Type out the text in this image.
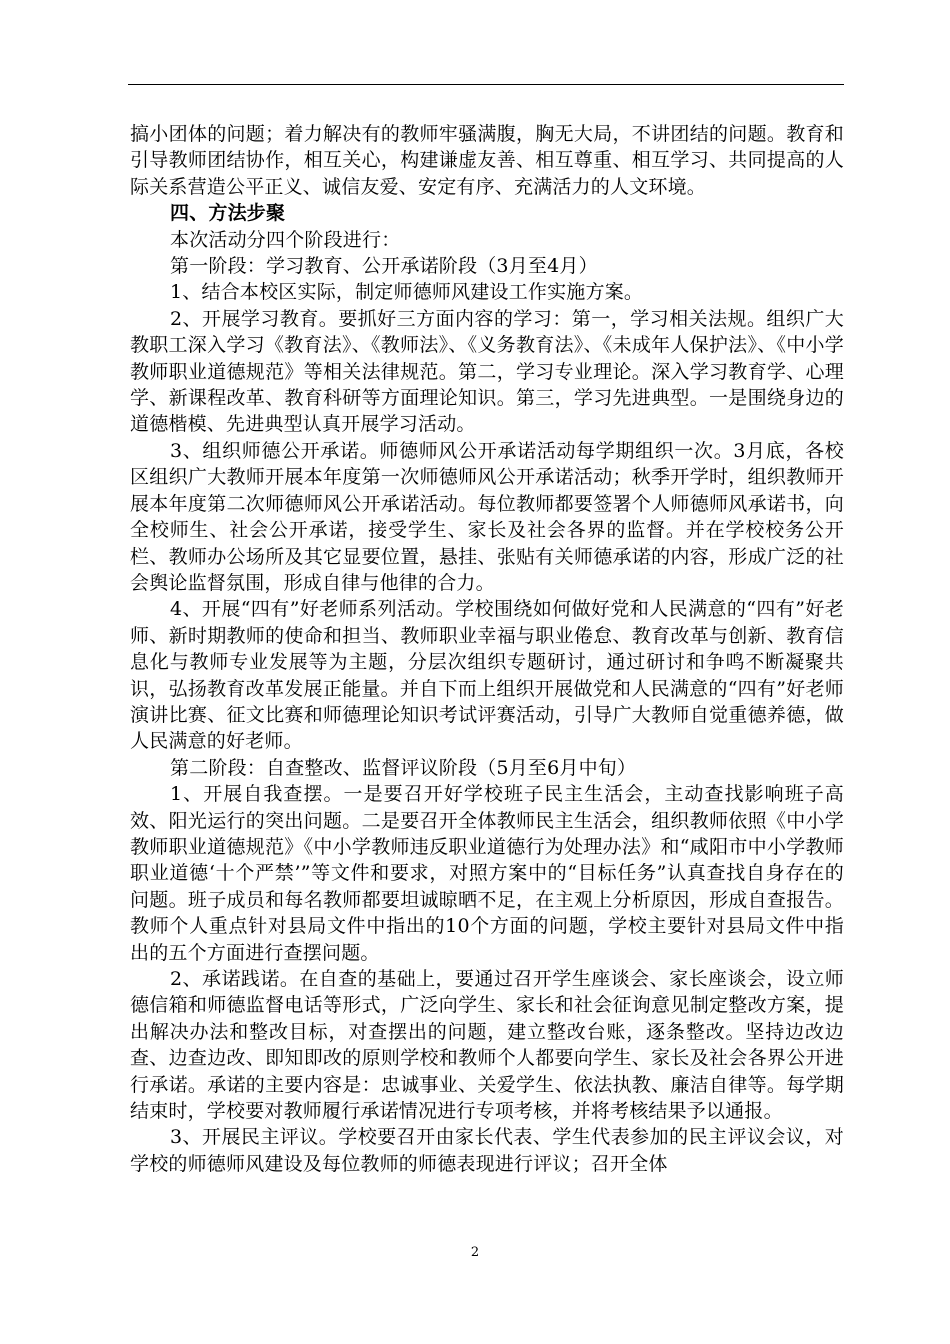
搞小团体的问题；着力解决有的教师牢骚满腹，胸无大局，不讲团结的问题。教育和引导教师团结协作，相互关心，构建谦虚友善、相互尊重、相互学习、共同提高的人际关系营造公平正义、诚信友爱、安定有序、充满活力的人文环境。

四、方法步聚

本次活动分四个阶段进行：

第一阶段：学习教育、公开承诺阶段（3月至4月）

1、结合本校区实际，制定师德师风建设工作实施方案。

2、开展学习教育。要抓好三方面内容的学习：第一，学习相关法规。组织广大教职工深入学习《教育法》、《教师法》、《义务教育法》、《未成年人保护法》、《中小学教师职业道德规范》等相关法律规范。第二，学习专业理论。深入学习教育学、心理学、新课程改革、教育科研等方面理论知识。第三，学习先进典型。一是围绕身边的道德楷模、先进典型认真开展学习活动。

3、组织师德公开承诺。师德师风公开承诺活动每学期组织一次。3月底，各校区组织广大教师开展本年度第一次师德师风公开承诺活动；秋季开学时，组织教师开展本年度第二次师德师风公开承诺活动。每位教师都要签署个人师德师风承诺书，向全校师生、社会公开承诺，接受学生、家长及社会各界的监督。并在学校校务公开栏、教师办公场所及其它显要位置，悬挂、张贴有关师德承诺的内容，形成广泛的社会舆论监督氛围，形成自律与他律的合力。

4、开展“四有”好老师系列活动。学校围绕如何做好党和人民满意的“四有”好老师、新时期教师的使命和担当、教师职业幸福与职业倦怠、教育改革与创新、教育信息化与教师专业发展等为主题，分层次组织专题研讨，通过研讨和争鸣不断凝聚共识，弘扬教育改革发展正能量。并自下而上组织开展做党和人民满意的“四有”好老师演讲比赛、征文比赛和师德理论知识考试评赛活动，引导广大教师自觉重德养德，做人民满意的好老师。

第二阶段：自查整改、监督评议阶段（5月至6月中旬）

1、开展自我查摆。一是要召开好学校班子民主生活会，主动查找影响班子高效、阳光运行的突出问题。二是要召开全体教师民主生活会，组织教师依照《中小学教师职业道德规范》《中小学教师违反职业道德行为处理办法》和“咸阳市中小学教师职业道德‘十个严禁’”等文件和要求，对照方案中的“目标任务”认真查找自身存在的问题。班子成员和每名教师都要坦诚晾晒不足，在主观上分析原因，形成自查报告。教师个人重点针对县局文件中指出的10个方面的问题，学校主要针对县局文件中指出的五个方面进行查摆问题。

2、承诺践诺。在自查的基础上，要通过召开学生座谈会、家长座谈会，设立师德信箱和师德监督电话等形式，广泛向学生、家长和社会征询意见制定整改方案，提出解决办法和整改目标，对查摆出的问题，建立整改台账，逐条整改。坚持边改边查、边查边改、即知即改的原则学校和教师个人都要向学生、家长及社会各界公开进行承诺。承诺的主要内容是：忠诚事业、关爱学生、依法执教、廉洁自律等。每学期结束时，学校要对教师履行承诺情况进行专项考核，并将考核结果予以通报。

3、开展民主评议。学校要召开由家长代表、学生代表参加的民主评议会议，对学校的师德师风建设及每位教师的师德表现进行评议；召开全体

2
